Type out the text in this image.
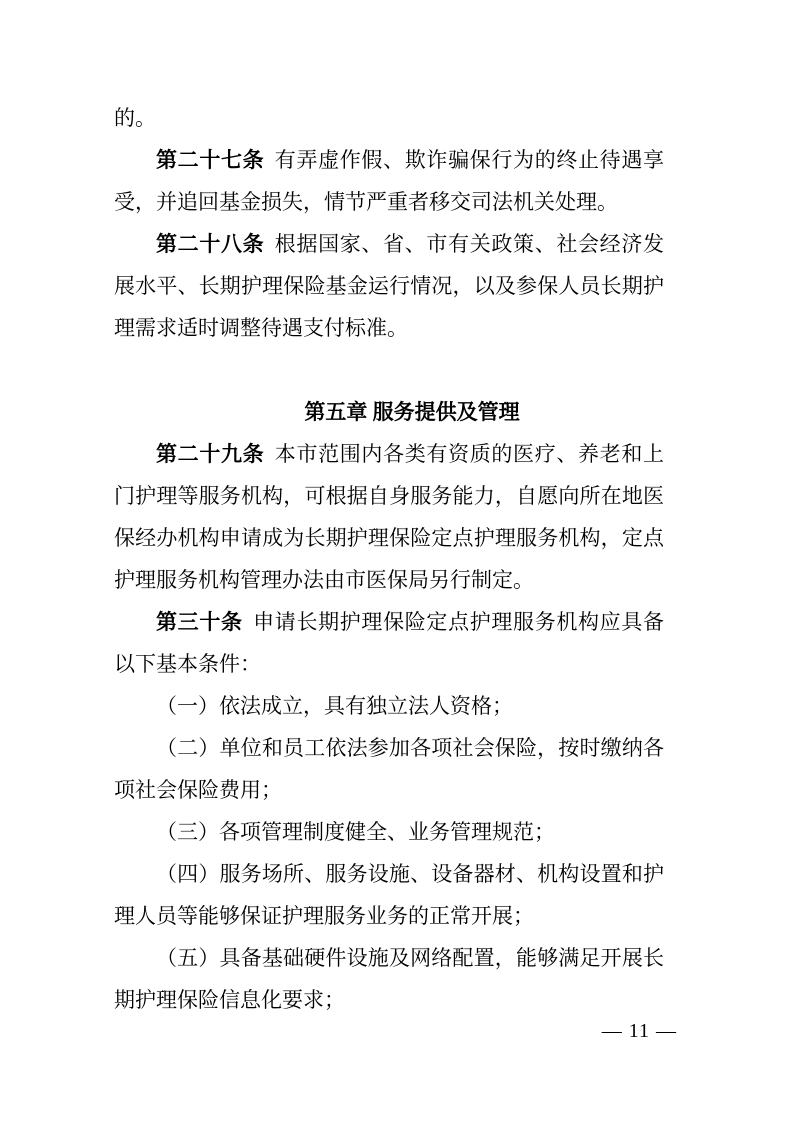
的。

第二十七条 有弄虚作假、欺诈骗保行为的终止待遇享受，并追回基金损失，情节严重者移交司法机关处理。

第二十八条 根据国家、省、市有关政策、社会经济发展水平、长期护理保险基金运行情况，以及参保人员长期护理需求适时调整待遇支付标准。

第五章 服务提供及管理

第二十九条 本市范围内各类有资质的医疗、养老和上门护理等服务机构，可根据自身服务能力，自愿向所在地医保经办机构申请成为长期护理保险定点护理服务机构，定点护理服务机构管理办法由市医保局另行制定。

第三十条 申请长期护理保险定点护理服务机构应具备以下基本条件：

（一）依法成立，具有独立法人资格；

（二）单位和员工依法参加各项社会保险，按时缴纳各项社会保险费用；

（三）各项管理制度健全、业务管理规范；

（四）服务场所、服务设施、设备器材、机构设置和护理人员等能够保证护理服务业务的正常开展；

（五）具备基础硬件设施及网络配置，能够满足开展长期护理保险信息化要求；

— 11 —
